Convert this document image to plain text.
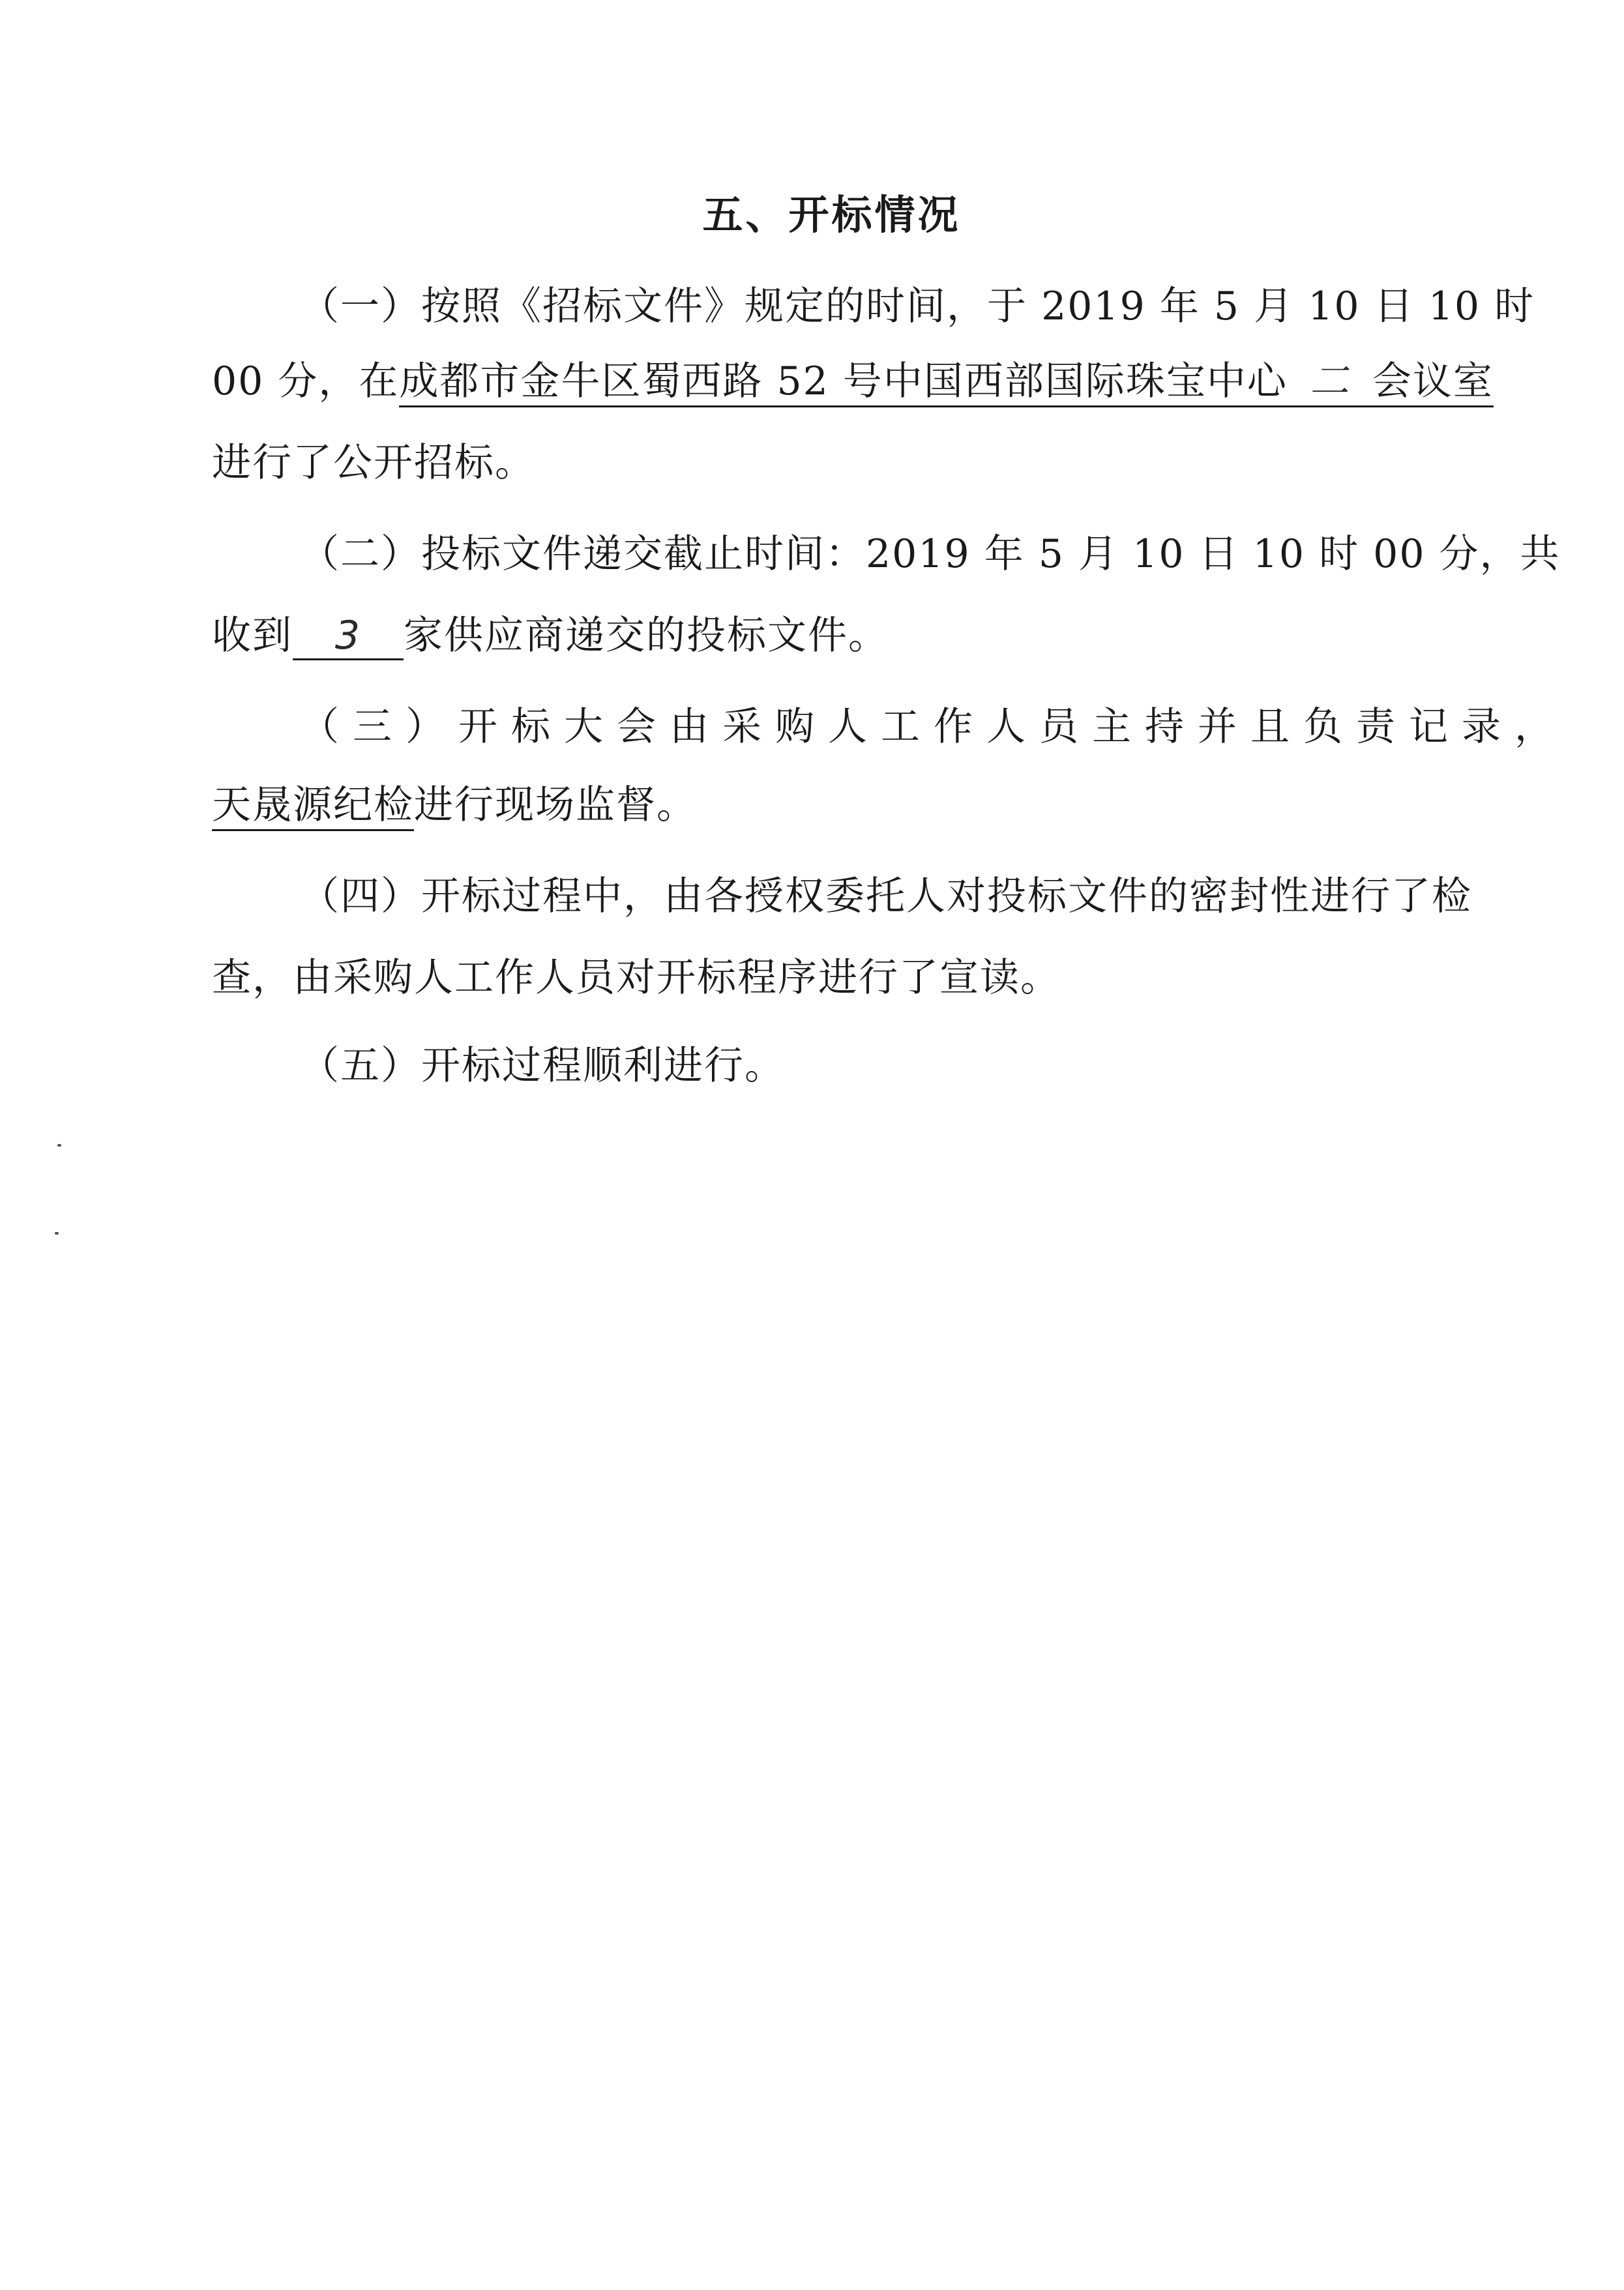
五、开标情况
（一）按照《招标文件》规定的时间，于 2019 年 5 月 10 日 10 时
00 分，在成都市金牛区蜀西路 52 号中国西部国际珠宝中心 二 会议室
进行了公开招标。
（二）投标文件递交截止时间：2019 年 5 月 10 日 10 时 00 分，共
收到 3 家供应商递交的投标文件。
（三）开标大会由采购人工作人员主持并且负责记录，
天晟源纪检进行现场监督。
（四）开标过程中，由各授权委托人对投标文件的密封性进行了检
查，由采购人工作人员对开标程序进行了宣读。
（五）开标过程顺利进行。
